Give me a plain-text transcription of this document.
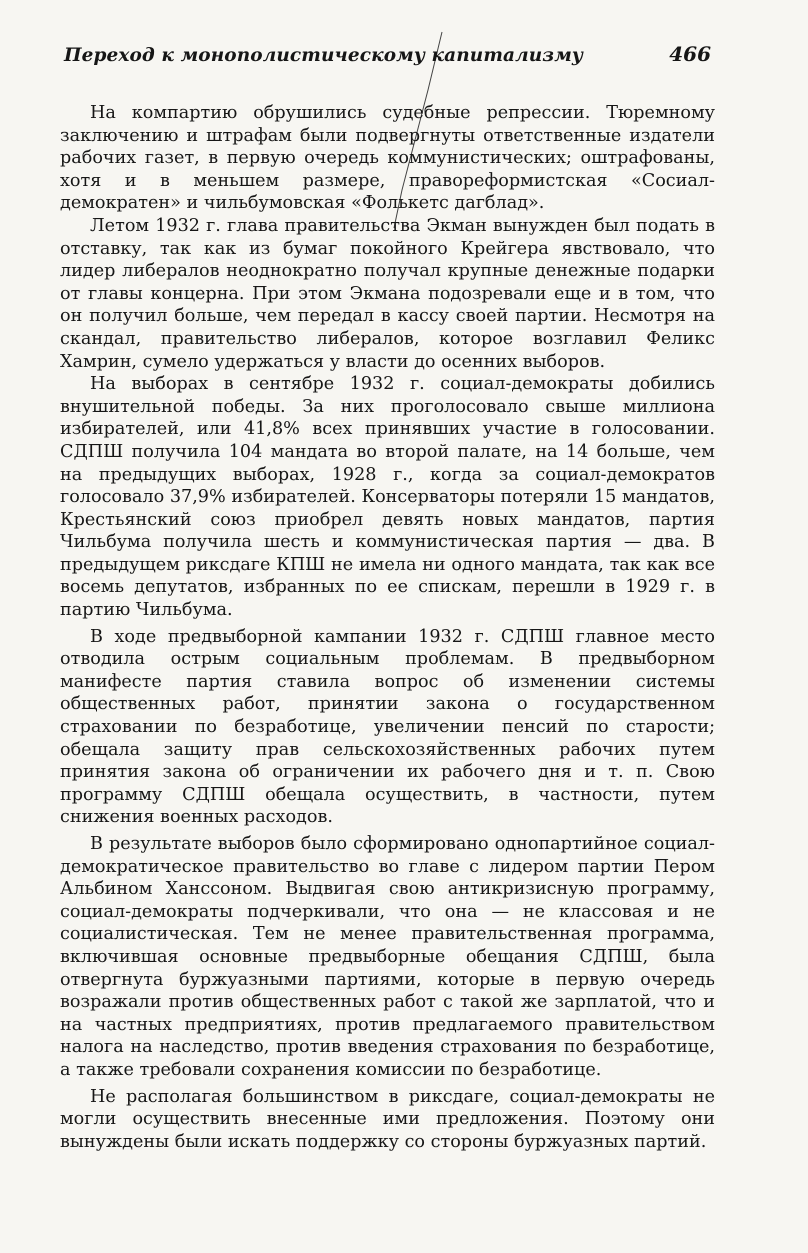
Переход к монополистическому капитализму	466

На компартию обрушились судебные репрессии. Тюремному заключению и штрафам были подвергнуты ответственные издатели рабочих газет, в первую очередь коммунистических; оштрафованы, хотя и в меньшем размере, правореформистская «Сосиал-демократен» и чильбумовская «Фолькетс дагблад».

Летом 1932 г. глава правительства Экман вынужден был подать в отставку, так как из бумаг покойного Крейгера явствовало, что лидер либералов неоднократно получал крупные денежные подарки от главы концерна. При этом Экмана подозревали еще и в том, что он получил больше, чем передал в кассу своей партии. Несмотря на скандал, правительство либералов, которое возглавил Феликс Хамрин, сумело удержаться у власти до осенних выборов.

На выборах в сентябре 1932 г. социал-демократы добились внушительной победы. За них проголосовало свыше миллиона избирателей, или 41,8% всех принявших участие в голосовании. СДПШ получила 104 мандата во второй палате, на 14 больше, чем на предыдущих выборах, 1928 г., когда за социал-демократов голосовало 37,9% избирателей. Консерваторы потеряли 15 мандатов, Крестьянский союз приобрел девять новых мандатов, партия Чильбума получила шесть и коммунистическая партия — два. В предыдущем риксдаге КПШ не имела ни одного мандата, так как все восемь депутатов, избранных по ее спискам, перешли в 1929 г. в партию Чильбума.

В ходе предвыборной кампании 1932 г. СДПШ главное место отводила острым социальным проблемам. В предвыборном манифесте партия ставила вопрос об изменении системы общественных работ, принятии закона о государственном страховании по безработице, увеличении пенсий по старости; обещала защиту прав сельскохозяйственных рабочих путем принятия закона об ограничении их рабочего дня и т. п. Свою программу СДПШ обещала осуществить, в частности, путем снижения военных расходов.

В результате выборов было сформировано однопартийное социал-демократическое правительство во главе с лидером партии Пером Альбином Ханссоном. Выдвигая свою антикризисную программу, социал-демократы подчеркивали, что она — не классовая и не социалистическая. Тем не менее правительственная программа, включившая основные предвыборные обещания СДПШ, была отвергнута буржуазными партиями, которые в первую очередь возражали против общественных работ с такой же зарплатой, что и на частных предприятиях, против предлагаемого правительством налога на наследство, против введения страхования по безработице, а также требовали сохранения комиссии по безработице.

Не располагая большинством в риксдаге, социал-демократы не могли осуществить внесенные ими предложения. Поэтому они вынуждены были искать поддержку со стороны буржуазных партий.
